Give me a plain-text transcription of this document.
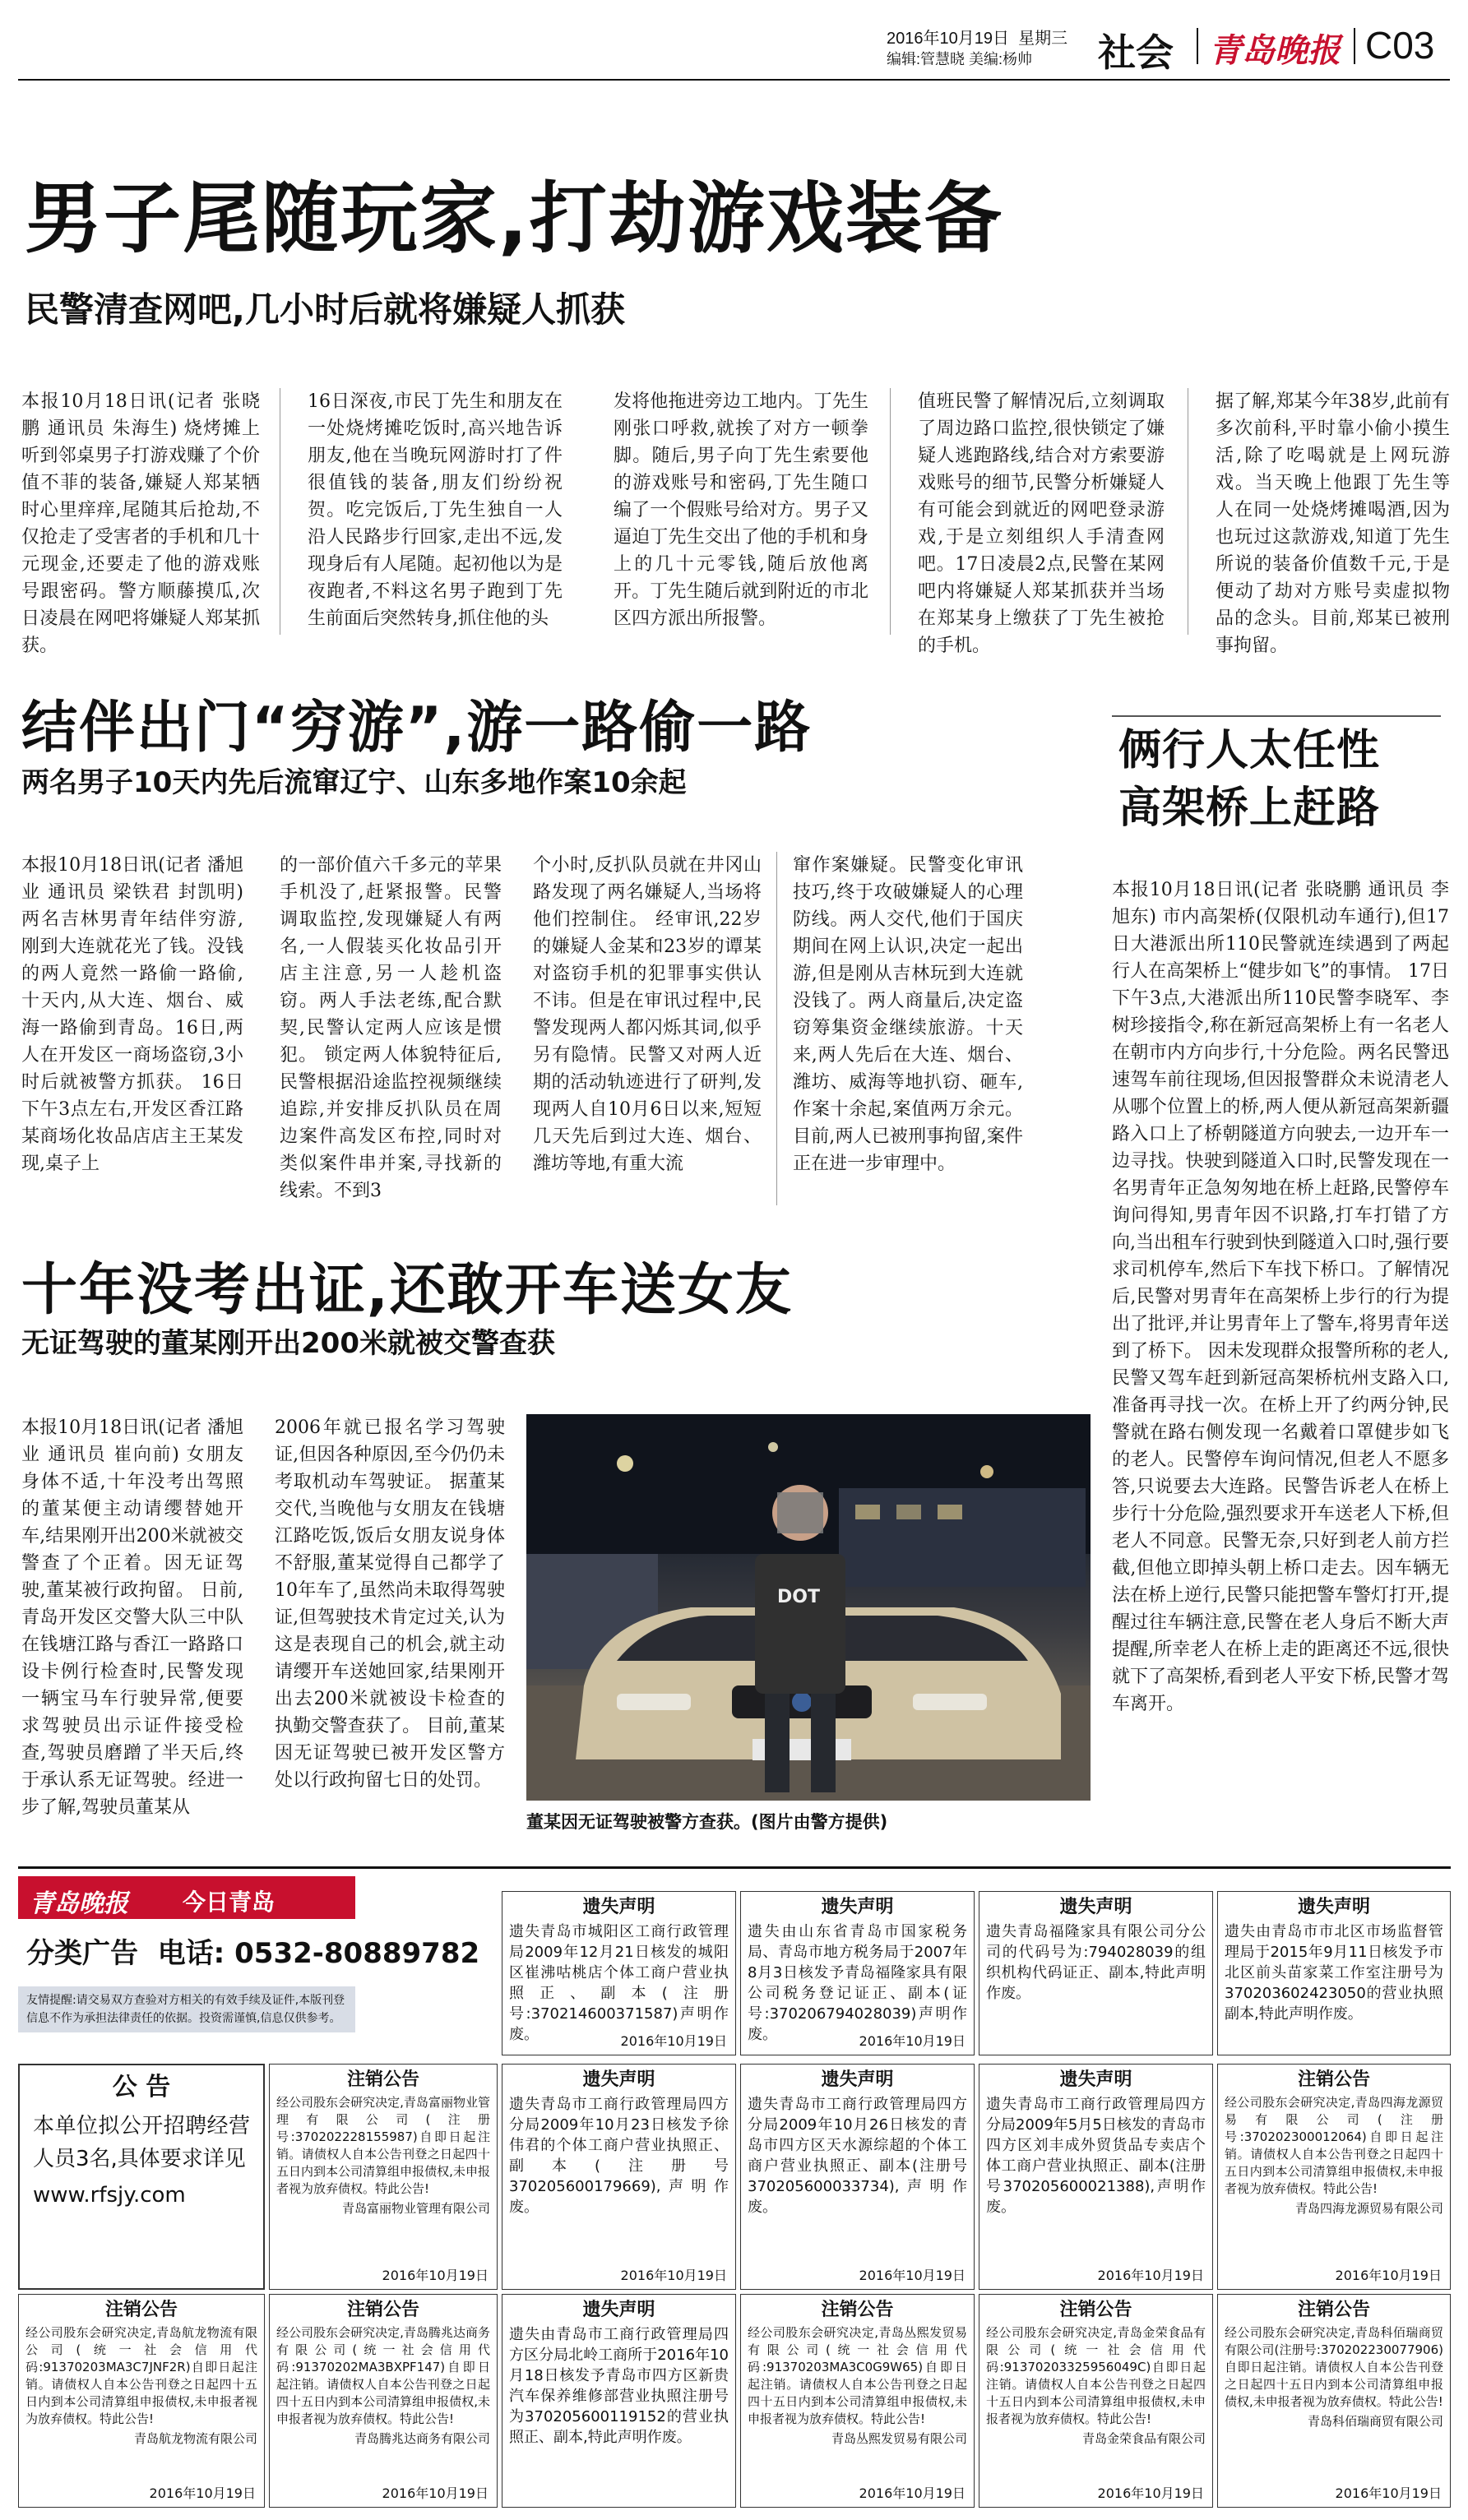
2016年10月19日 星期三
编辑:管慧晓 美编:杨帅 社会 青岛晚报 C03
男子尾随玩家,打劫游戏装备
民警清查网吧,几小时后就将嫌疑人抓获
本报10月18日讯(记者 张晓鹏 通讯员 朱海生) 烧烤摊上听到邻桌男子打游戏赚了个价值不菲的装备,嫌疑人郑某牺时心里痒痒,尾随其后抢劫,不仅抢走了受害者的手机和几十元现金,还要走了他的游戏账号跟密码。警方顺藤摸瓜,次日凌晨在网吧将嫌疑人郑某抓获。
16日深夜,市民丁先生和朋友在一处烧烤摊吃饭时,高兴地告诉朋友,他在当晚玩网游时打了件很值钱的装备,朋友们纷纷祝贺。吃完饭后,丁先生独自一人沿人民路步行回家,走出不远,发现身后有人尾随。起初他以为是夜跑者,不料这名男子跑到丁先生前面后突然转身,抓住他的头
发将他拖进旁边工地内。丁先生刚张口呼救,就挨了对方一顿拳脚。随后,男子向丁先生索要他的游戏账号和密码,丁先生随口编了一个假账号给对方。男子又逼迫丁先生交出了他的手机和身上的几十元零钱,随后放他离开。丁先生随后就到附近的市北区四方派出所报警。
值班民警了解情况后,立刻调取了周边路口监控,很快锁定了嫌疑人逃跑路线,结合对方索要游戏账号的细节,民警分析嫌疑人有可能会到就近的网吧登录游戏,于是立刻组织人手清查网吧。17日凌晨2点,民警在某网吧内将嫌疑人郑某抓获并当场在郑某身上缴获了丁先生被抢的手机。
据了解,郑某今年38岁,此前有多次前科,平时靠小偷小摸生活,除了吃喝就是上网玩游戏。当天晚上他跟丁先生等人在同一处烧烤摊喝酒,因为也玩过这款游戏,知道丁先生所说的装备价值数千元,于是便动了劫对方账号卖虚拟物品的念头。目前,郑某已被刑事拘留。
结伴出门“穷游”,游一路偷一路
两名男子10天内先后流窜辽宁、山东多地作案10余起
本报10月18日讯(记者 潘旭业 通讯员 梁铁君 封凯明) 两名吉林男青年结伴穷游,刚到大连就花光了钱。没钱的两人竟然一路偷一路偷,十天内,从大连、烟台、威海一路偷到青岛。16日,两人在开发区一商场盗窃,3小时后就被警方抓获。 16日下午3点左右,开发区香江路某商场化妆品店店主王某发现,桌子上
的一部价值六千多元的苹果手机没了,赶紧报警。民警调取监控,发现嫌疑人有两名,一人假装买化妆品引开店主注意,另一人趁机盗窃。两人手法老练,配合默契,民警认定两人应该是惯犯。 锁定两人体貌特征后,民警根据沿途监控视频继续追踪,并安排反扒队员在周边案件高发区布控,同时对类似案件串并案,寻找新的线索。不到3
个小时,反扒队员就在井冈山路发现了两名嫌疑人,当场将他们控制住。 经审讯,22岁的嫌疑人金某和23岁的谭某对盗窃手机的犯罪事实供认不讳。但是在审讯过程中,民警发现两人都闪烁其词,似乎另有隐情。民警又对两人近期的活动轨迹进行了研判,发现两人自10月6日以来,短短几天先后到过大连、烟台、潍坊等地,有重大流
窜作案嫌疑。民警变化审讯技巧,终于攻破嫌疑人的心理防线。两人交代,他们于国庆期间在网上认识,决定一起出游,但是刚从吉林玩到大连就没钱了。两人商量后,决定盗窃筹集资金继续旅游。十天来,两人先后在大连、烟台、潍坊、威海等地扒窃、砸车,作案十余起,案值两万余元。目前,两人已被刑事拘留,案件正在进一步审理中。
俩行人太任性
高架桥上赶路
本报10月18日讯(记者 张晓鹏 通讯员 李旭东) 市内高架桥(仅限机动车通行),但17日大港派出所110民警就连续遇到了两起行人在高架桥上“健步如飞”的事情。 17日下午3点,大港派出所110民警李晓军、李树珍接指令,称在新冠高架桥上有一名老人在朝市内方向步行,十分危险。两名民警迅速驾车前往现场,但因报警群众未说清老人从哪个位置上的桥,两人便从新冠高架新疆路入口上了桥朝隧道方向驶去,一边开车一边寻找。快驶到隧道入口时,民警发现在一名男青年正急匆匆地在桥上赶路,民警停车询问得知,男青年因不识路,打车打错了方向,当出租车行驶到快到隧道入口时,强行要求司机停车,然后下车找下桥口。了解情况后,民警对男青年在高架桥上步行的行为提出了批评,并让男青年上了警车,将男青年送到了桥下。 因未发现群众报警所称的老人,民警又驾车赶到新冠高架桥杭州支路入口,准备再寻找一次。在桥上开了约两分钟,民警就在路右侧发现一名戴着口罩健步如飞的老人。民警停车询问情况,但老人不愿多答,只说要去大连路。民警告诉老人在桥上步行十分危险,强烈要求开车送老人下桥,但老人不同意。民警无奈,只好到老人前方拦截,但他立即掉头朝上桥口走去。因车辆无法在桥上逆行,民警只能把警车警灯打开,提醒过往车辆注意,民警在老人身后不断大声提醒,所幸老人在桥上走的距离还不远,很快就下了高架桥,看到老人平安下桥,民警才驾车离开。
十年没考出证,还敢开车送女友
无证驾驶的董某刚开出200米就被交警查获
本报10月18日讯(记者 潘旭业 通讯员 崔向前) 女朋友身体不适,十年没考出驾照的董某便主动请缨替她开车,结果刚开出200米就被交警查了个正着。因无证驾驶,董某被行政拘留。 日前,青岛开发区交警大队三中队在钱塘江路与香江一路路口设卡例行检查时,民警发现一辆宝马车行驶异常,便要求驾驶员出示证件接受检查,驾驶员磨蹭了半天后,终于承认系无证驾驶。经进一步了解,驾驶员董某从
2006年就已报名学习驾驶证,但因各种原因,至今仍仍未考取机动车驾驶证。 据董某交代,当晚他与女朋友在钱塘江路吃饭,饭后女朋友说身体不舒服,董某觉得自己都学了10年车了,虽然尚未取得驾驶证,但驾驶技术肯定过关,认为这是表现自己的机会,就主动请缨开车送她回家,结果刚开出去200米就被设卡检查的执勤交警查获了。 目前,董某因无证驾驶已被开发区警方处以行政拘留七日的处罚。
DOT
董某因无证驾驶被警方查获。(图片由警方提供)
青岛晚报 今日青岛
分类广告 电话: 0532-80889782
友情提醒:请交易双方查验对方相关的有效手续及证件,本版刊登信息不作为承担法律责任的依据。投资需谨慎,信息仅供参考。
遗失声明
遗失青岛市城阳区工商行政管理局2009年12月21日核发的城阳区崔沸咕桃店个体工商户营业执照正、副本(注册号:370214600371587)声明作废。	2016年10月19日
遗失声明
遗失由山东省青岛市国家税务局、青岛市地方税务局于2007年8月3日核发予青岛福隆家具有限公司税务登记证正、副本(证号:370206794028039)声明作废。	2016年10月19日
遗失声明
遗失青岛福隆家具有限公司分公司的代码号为:794028039的组织机构代码证正、副本,特此声明作废。
遗失声明
遗失由青岛市市北区市场监督管理局于2015年9月11日核发予市北区前头苗家菜工作室注册号为370203602423050的营业执照副本,特此声明作废。
公 告
本单位拟公开招聘经营人员3名,具体要求详见
www.rfsjy.com
注销公告
经公司股东会研究决定,青岛富丽物业管理有限公司(注册号:370202228155987)自即日起注销。请债权人自本公告刊登之日起四十五日内到本公司清算组申报债权,未申报者视为放弃债权。特此公告!
青岛富丽物业管理有限公司
2016年10月19日
遗失声明
遗失青岛市工商行政管理局四方分局2009年10月23日核发予徐伟君的个体工商户营业执照正、副本(注册号370205600179669),声明作废。
2016年10月19日
遗失声明
遗失青岛市工商行政管理局四方分局2009年10月26日核发的青岛市四方区天水源综超的个体工商户营业执照正、副本(注册号370205600033734),声明作废。
2016年10月19日
遗失声明
遗失青岛市工商行政管理局四方分局2009年5月5日核发的青岛市四方区刘丰成外贸货品专卖店个体工商户营业执照正、副本(注册号370205600021388),声明作废。
2016年10月19日
注销公告
经公司股东会研究决定,青岛四海龙源贸易有限公司(注册号:370202300012064)自即日起注销。请债权人自本公告刊登之日起四十五日内到本公司清算组申报债权,未申报者视为放弃债权。特此公告!
青岛四海龙源贸易有限公司
2016年10月19日
注销公告
经公司股东会研究决定,青岛航龙物流有限公司(统一社会信用代码:91370203MA3C7JNF2R)自即日起注销。请债权人自本公告刊登之日起四十五日内到本公司清算组申报债权,未申报者视为放弃债权。特此公告!
青岛航龙物流有限公司
2016年10月19日
注销公告
经公司股东会研究决定,青岛腾兆达商务有限公司(统一社会信用代码:91370202MA3BXPF147)自即日起注销。请债权人自本公告刊登之日起四十五日内到本公司清算组申报债权,未申报者视为放弃债权。特此公告!
青岛腾兆达商务有限公司
2016年10月19日
遗失声明
遗失由青岛市工商行政管理局四方区分局北岭工商所于2016年10月18日核发予青岛市四方区新贵汽车保养维修部营业执照注册号为370205600119152的营业执照正、副本,特此声明作废。
注销公告
经公司股东会研究决定,青岛丛熙发贸易有限公司(统一社会信用代码:91370203MA3C0G9W65)自即日起注销。请债权人自本公告刊登之日起四十五日内到本公司清算组申报债权,未申报者视为放弃债权。特此公告!
青岛丛熙发贸易有限公司
2016年10月19日
注销公告
经公司股东会研究决定,青岛金荣食品有限公司(统一社会信用代码:91370203325956049C)自即日起注销。请债权人自本公告刊登之日起四十五日内到本公司清算组申报债权,未申报者视为放弃债权。特此公告!
青岛金荣食品有限公司
2016年10月19日
注销公告
经公司股东会研究决定,青岛科佰瑞商贸有限公司(注册号:370202230077906)自即日起注销。请债权人自本公告刊登之日起四十五日内到本公司清算组申报债权,未申报者视为放弃债权。特此公告!
青岛科佰瑞商贸有限公司
2016年10月19日
